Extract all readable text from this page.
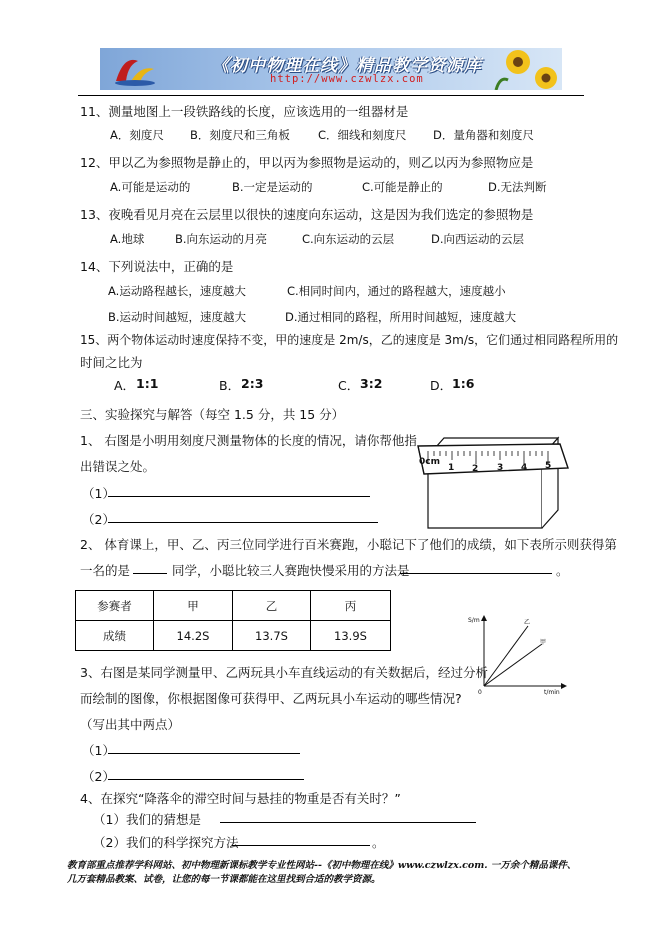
《初中物理在线》精品教学资源库
http://www.czwlzx.com
11、测量地图上一段铁路线的长度，应该选用的一组器材是
A．刻度尺 B．刻度尺和三角板 C．细线和刻度尺 D．量角器和刻度尺
12、甲以乙为参照物是静止的，甲以丙为参照物是运动的，则乙以丙为参照物应是
A.可能是运动的	B.一定是运动的	C.可能是静止的	D.无法判断
13、夜晚看见月亮在云层里以很快的速度向东运动，这是因为我们选定的参照物是
A.地球	B.向东运动的月亮	C.向东运动的云层	D.向西运动的云层
14、下列说法中，正确的是
A.运动路程越长，速度越大	C.相同时间内，通过的路程越大，速度越小
B.运动时间越短，速度越大	D.通过相同的路程，所用时间越短，速度越大
15、两个物体运动时速度保持不变，甲的速度是 2m/s，乙的速度是 3m/s，它们通过相同路程所用的
时间之比为
A． 1:1	B． 2:3	C． 3:2	D． 1:6
三、实验探究与解答（每空 1.5 分，共 15 分）
1、 右图是小明用刻度尺测量物体的长度的情况，请你帮他指
出错误之处。
（1）
（2）
0cm
1 2 3 4 5
2、 体育课上，甲、乙、丙三位同学进行百米赛跑，小聪记下了他们的成绩，如下表所示则获得第
一名的是	同学，小聪比较三人赛跑快慢采用的方法是	。
参赛者	甲	乙	丙
成绩	14.2S	13.7S	13.9S
S/m
t/min
0
乙
甲
3、右图是某同学测量甲、乙两玩具小车直线运动的有关数据后，经过分析
而绘制的图像，你根据图像可获得甲、乙两玩具小车运动的哪些情况?
（写出其中两点）
（1）
（2）
4、在探究“降落伞的滞空时间与悬挂的物重是否有关时？”
（1）我们的猜想是
（2）我们的科学探究方法	。
教育部重点推荐学科网站、初中物理新课标教学专业性网站--《初中物理在线》www.czwlzx.com. 一万余个精品课件、
几万套精品教案、试卷，让您的每一节课都能在这里找到合适的教学资源。
